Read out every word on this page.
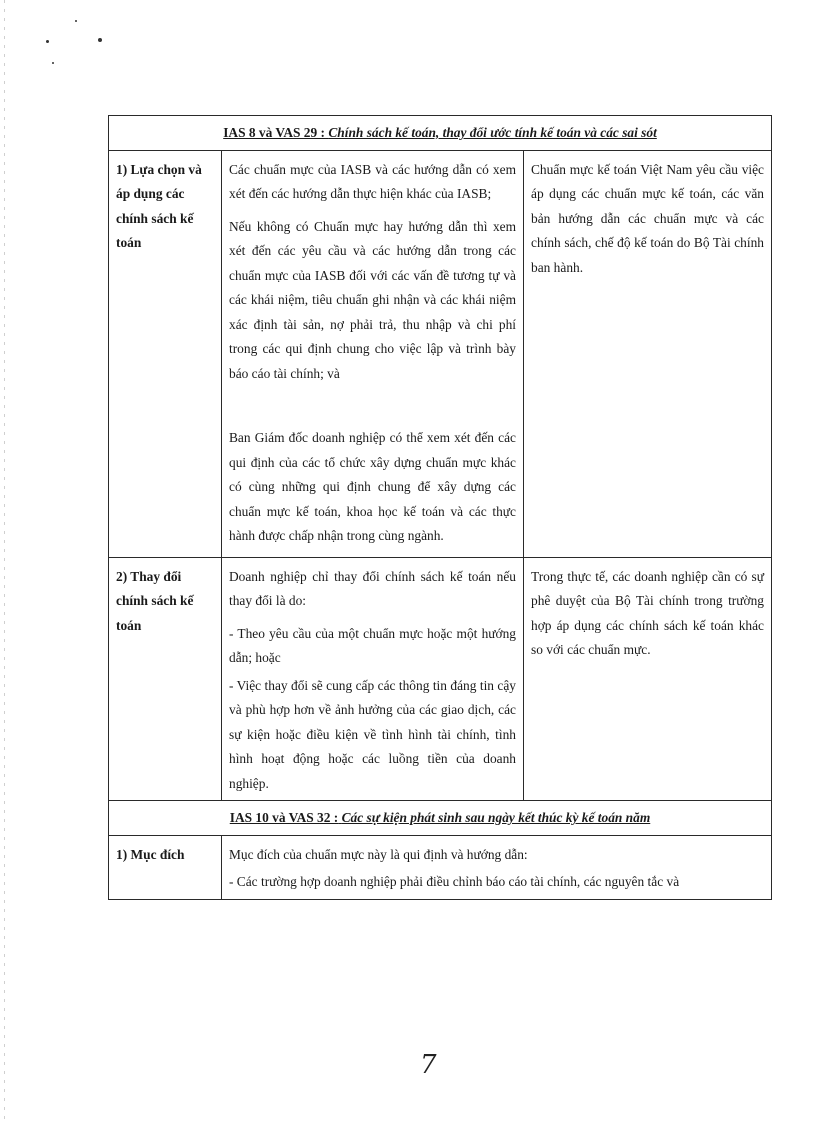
IAS 8 và VAS 29 : Chính sách kế toán, thay đổi ước tính kế toán và các sai sót		
1) Lựa chọn và áp dụng các chính sách kế toán	Các chuẩn mực của IASB và các hướng dẫn có xem xét đến các hướng dẫn thực hiện khác của IASB;

Nếu không có Chuẩn mực hay hướng dẫn thì xem xét đến các yêu cầu và các hướng dẫn trong các chuẩn mực của IASB đối với các vấn đề tương tự và các khái niệm, tiêu chuẩn ghi nhận và các khái niệm xác định tài sản, nợ phải trả, thu nhập và chi phí trong các qui định chung cho việc lập và trình bày báo cáo tài chính; và

Ban Giám đốc doanh nghiệp có thể xem xét đến các qui định của các tổ chức xây dựng chuẩn mực khác có cùng những qui định chung để xây dựng các chuẩn mực kế toán, khoa học kế toán và các thực hành được chấp nhận trong cùng ngành.	Chuẩn mực kế toán Việt Nam yêu cầu việc áp dụng các chuẩn mực kế toán, các văn bản hướng dẫn các chuẩn mực và các chính sách, chế độ kế toán do Bộ Tài chính ban hành.

2) Thay đổi chính sách kế toán	Doanh nghiệp chỉ thay đổi chính sách kế toán nếu thay đổi là do:

- Theo yêu cầu của một chuẩn mực hoặc một hướng dẫn; hoặc

- Việc thay đổi sẽ cung cấp các thông tin đáng tin cậy và phù hợp hơn về ảnh hưởng của các giao dịch, các sự kiện hoặc điều kiện về tình hình tài chính, tình hình hoạt động hoặc các luồng tiền của doanh nghiệp.	Trong thực tế, các doanh nghiệp cần có sự phê duyệt của Bộ Tài chính trong trường hợp áp dụng các chính sách kế toán khác so với các chuẩn mực.

IAS 10 và VAS 32 : Các sự kiện phát sinh sau ngày kết thúc kỳ kế toán năm		
1) Mục đích	Mục đích của chuẩn mực này là qui định và hướng dẫn:

- Các trường hợp doanh nghiệp phải điều chỉnh báo cáo tài chính, các nguyên tắc và	

7
